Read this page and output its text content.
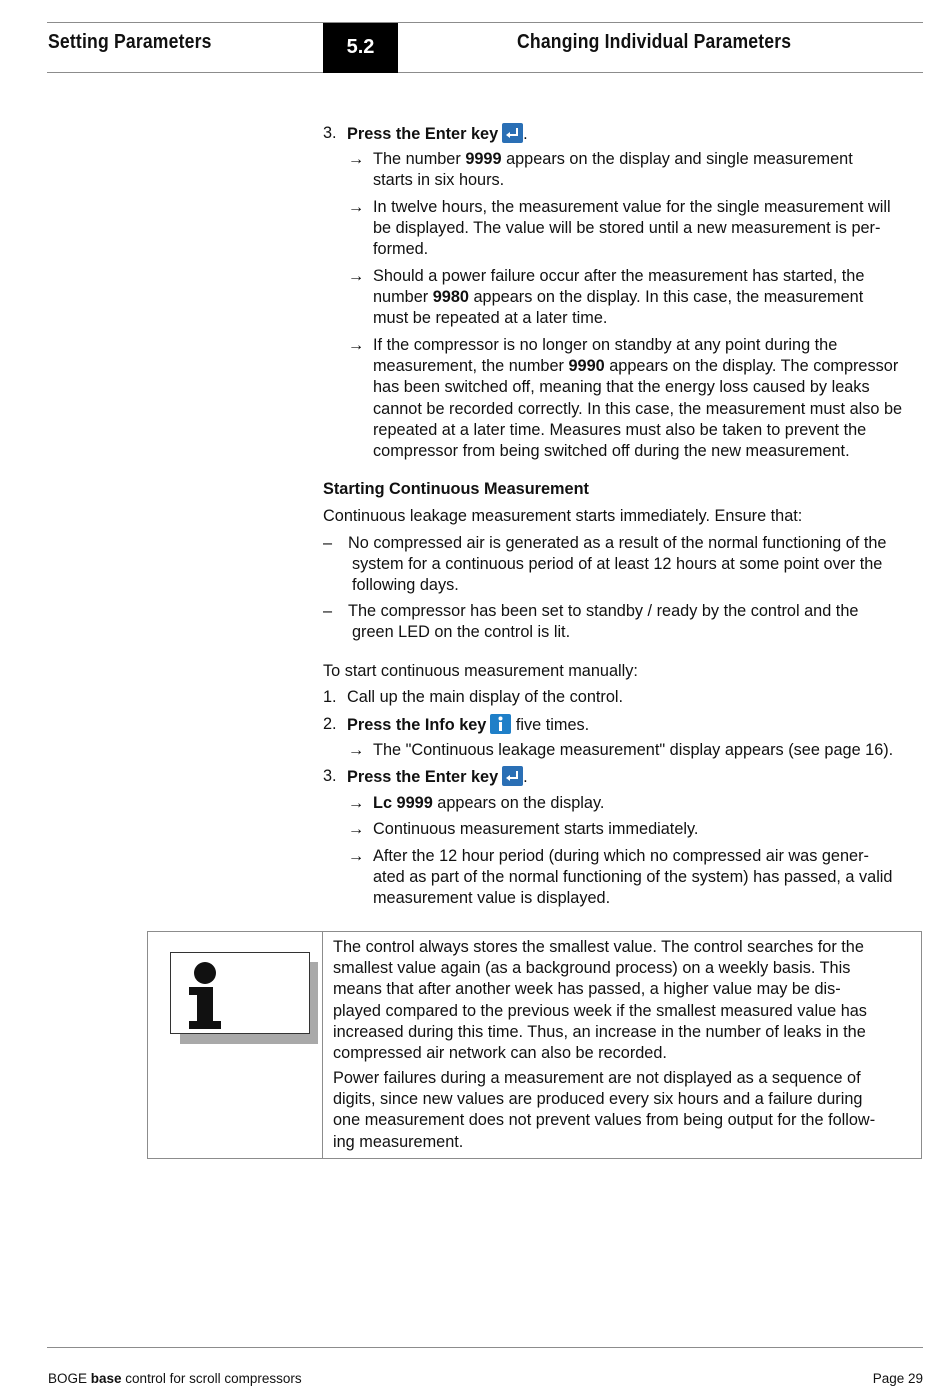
Setting Parameters	5.2	Changing Individual Parameters
3. Press the Enter key .
→ The number 9999 appears on the display and single measurement
starts in six hours.
→ In twelve hours, the measurement value for the single measurement will
be displayed. The value will be stored until a new measurement is per-
formed.
→ Should a power failure occur after the measurement has started, the
number 9980 appears on the display. In this case, the measurement
must be repeated at a later time.
→ If the compressor is no longer on standby at any point during the
measurement, the number 9990 appears on the display. The compressor
has been switched off, meaning that the energy loss caused by leaks
cannot be recorded correctly. In this case, the measurement must also be
repeated at a later time. Measures must also be taken to prevent the
compressor from being switched off during the new measurement.
Starting Continuous Measurement
Continuous leakage measurement starts immediately. Ensure that:
– No compressed air is generated as a result of the normal functioning of the
system for a continuous period of at least 12 hours at some point over the
following days.
– The compressor has been set to standby / ready by the control and the
green LED on the control is lit.
To start continuous measurement manually:
1. Call up the main display of the control.
2. Press the Info key
five times.
→ The "Continuous leakage measurement" display appears (see page 16).
3. Press the Enter key .
→ Lc 9999 appears on the display.
→ Continuous measurement starts immediately.
→ After the 12 hour period (during which no compressed air was gener-
ated as part of the normal functioning of the system) has passed, a valid
measurement value is displayed.
The control always stores the smallest value. The control searches for the
smallest value again (as a background process) on a weekly basis. This
means that after another week has passed, a higher value may be dis-
played compared to the previous week if the smallest measured value has
increased during this time. Thus, an increase in the number of leaks in the
compressed air network can also be recorded.
Power failures during a measurement are not displayed as a sequence of
digits, since new values are produced every six hours and a failure during
one measurement does not prevent values from being output for the follow-
ing measurement.
BOGE base control for scroll compressors	Page 29
